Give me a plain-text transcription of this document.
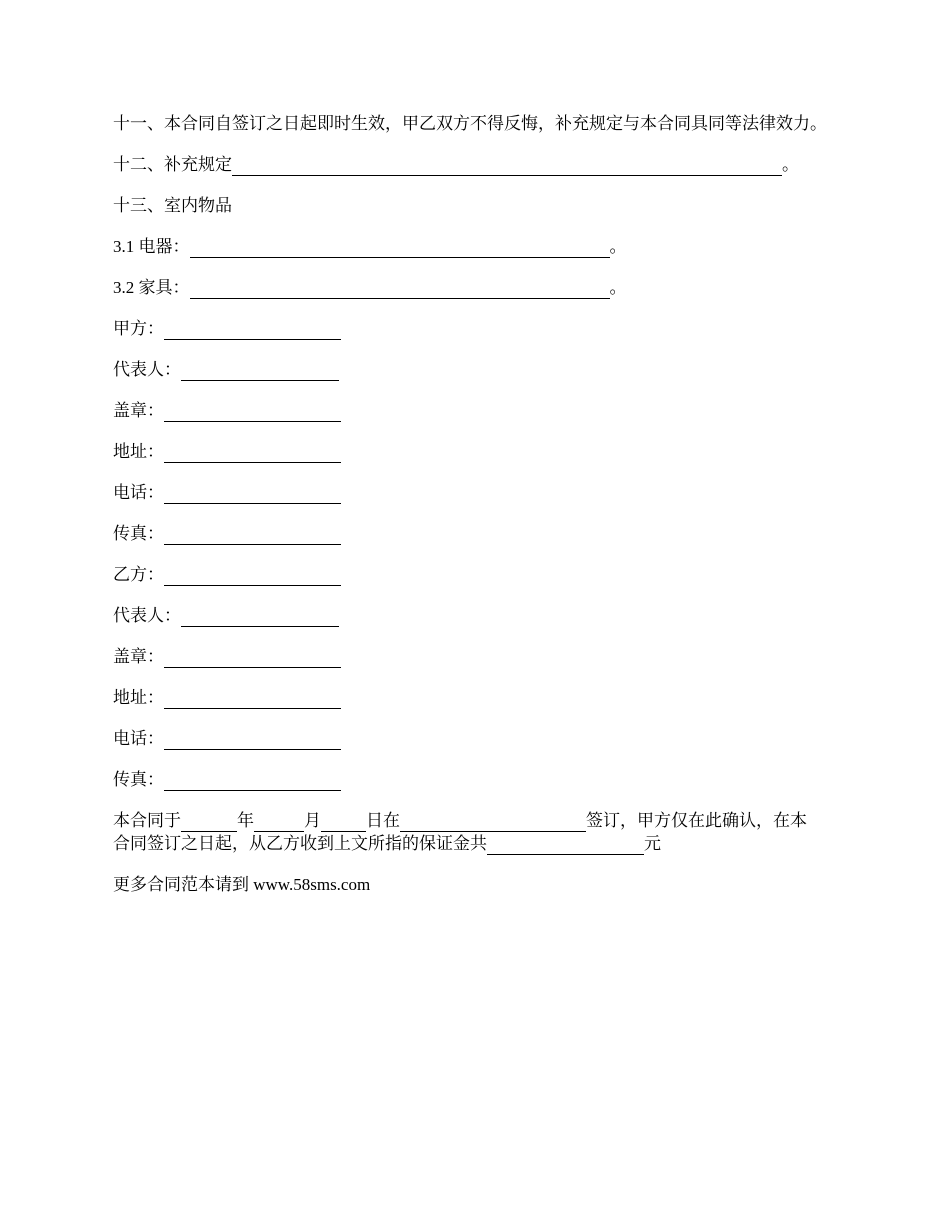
十一、本合同自签订之日起即时生效，甲乙双方不得反悔，补充规定与本合同具同等法律效力。

十二、补充规定	。

十三、室内物品

3.1 电器：	。
3.2 家具：	。
甲方：
代表人：
盖章：
地址：
电话：
传真：
乙方：
代表人：
盖章：
地址：
电话：
传真：
本合同于	年	月	日在	签订，甲方仅在此确认，在本
合同签订之日起，从乙方收到上文所指的保证金共	元

更多合同范本请到 www.58sms.com
